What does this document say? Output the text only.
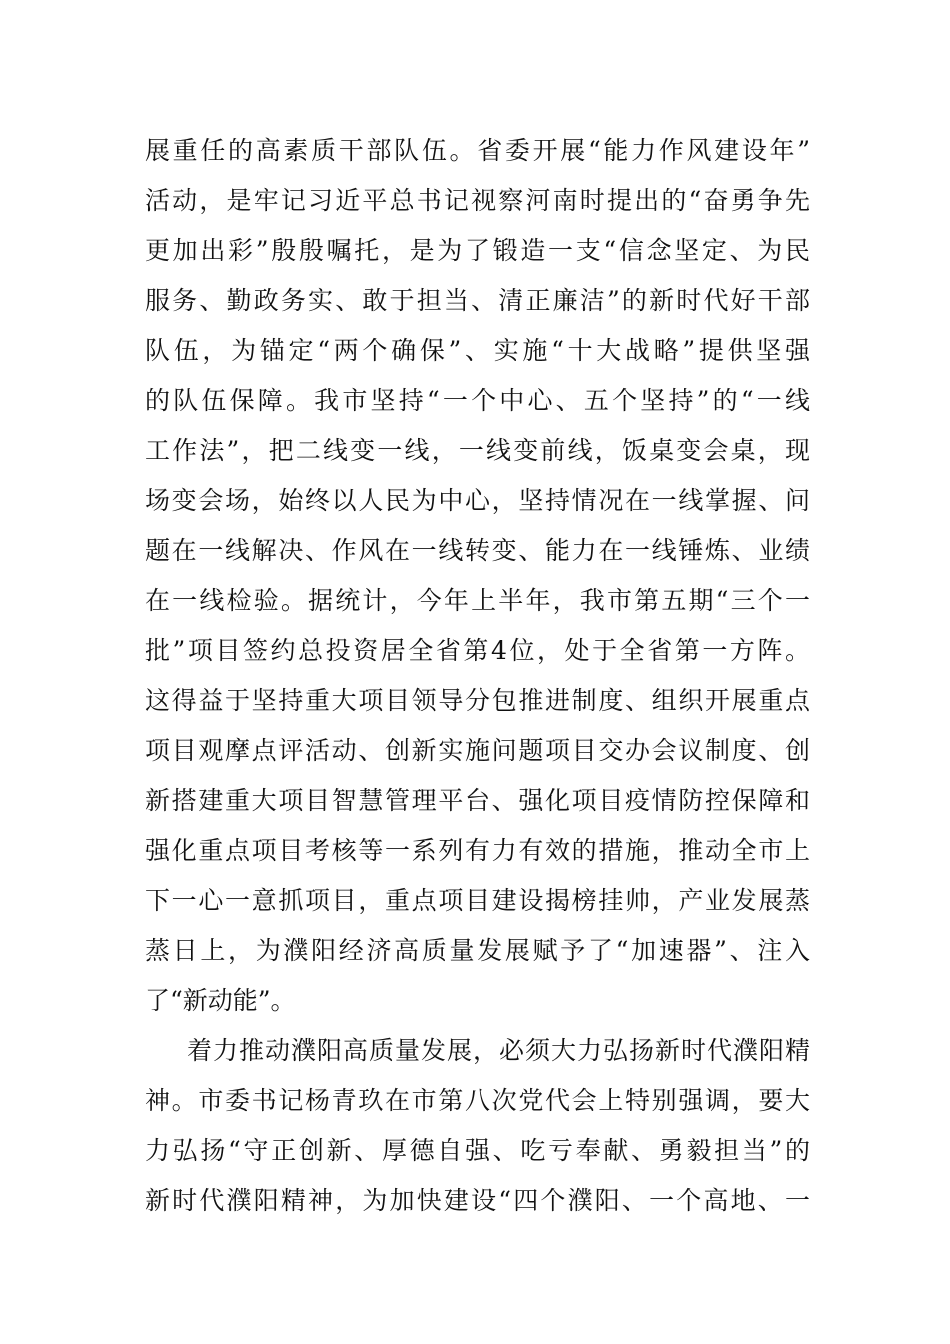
展重任的高素质干部队伍。省委开展“能力作风建设年”
活动，是牢记习近平总书记视察河南时提出的“奋勇争先
更加出彩”殷殷嘱托，是为了锻造一支“信念坚定、为民
服务、勤政务实、敢于担当、清正廉洁”的新时代好干部
队伍，为锚定“两个确保”、实施“十大战略”提供坚强
的队伍保障。我市坚持“一个中心、五个坚持”的“一线
工作法”，把二线变一线，一线变前线，饭桌变会桌，现
场变会场，始终以人民为中心，坚持情况在一线掌握、问
题在一线解决、作风在一线转变、能力在一线锤炼、业绩
在一线检验。据统计，今年上半年，我市第五期“三个一
批”项目签约总投资居全省第4位，处于全省第一方阵。
这得益于坚持重大项目领导分包推进制度、组织开展重点
项目观摩点评活动、创新实施问题项目交办会议制度、创
新搭建重大项目智慧管理平台、强化项目疫情防控保障和
强化重点项目考核等一系列有力有效的措施，推动全市上
下一心一意抓项目，重点项目建设揭榜挂帅，产业发展蒸
蒸日上，为濮阳经济高质量发展赋予了“加速器”、注入
了“新动能”。
着力推动濮阳高质量发展，必须大力弘扬新时代濮阳精
神。市委书记杨青玖在市第八次党代会上特别强调，要大
力弘扬“守正创新、厚德自强、吃亏奉献、勇毅担当”的
新时代濮阳精神，为加快建设“四个濮阳、一个高地、一
